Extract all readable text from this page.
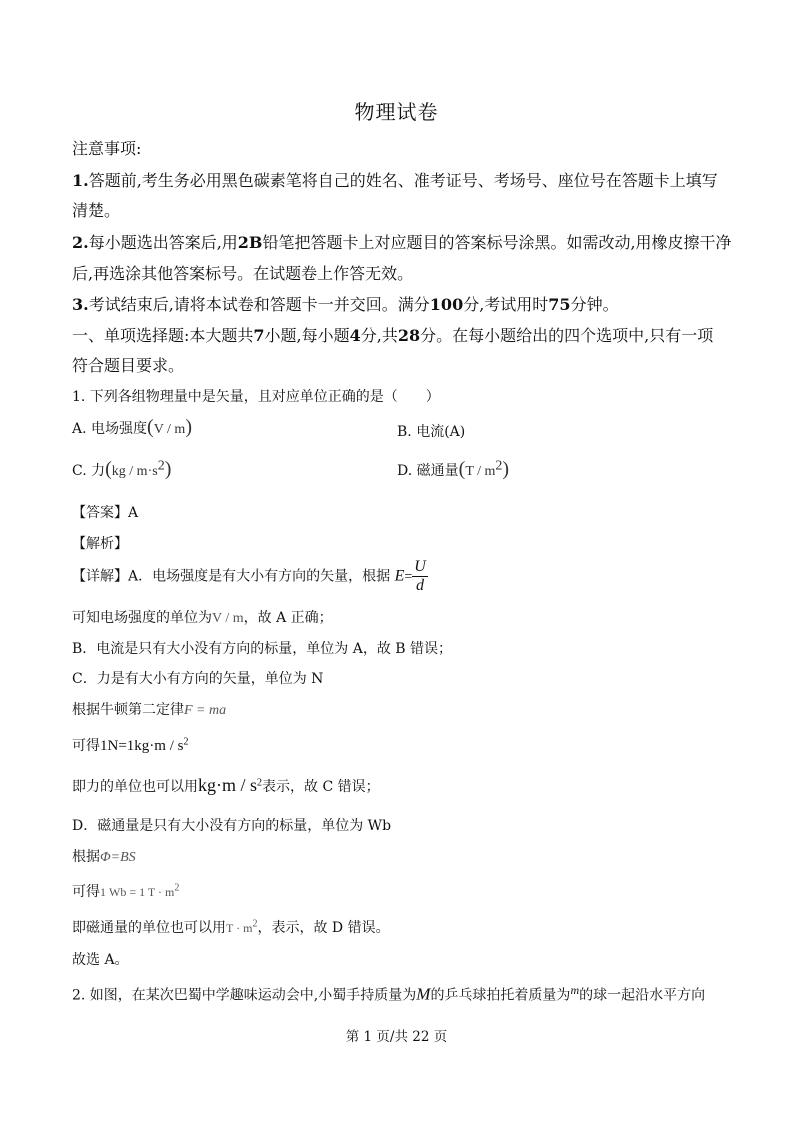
物理试卷
注意事项:
1.答题前,考生务必用黑色碳素笔将自己的姓名、准考证号、考场号、座位号在答题卡上填写
清楚。
2.每小题选出答案后,用2B铅笔把答题卡上对应题目的答案标号涂黑。如需改动,用橡皮擦干净
后,再选涂其他答案标号。在试题卷上作答无效。
3.考试结束后,请将本试卷和答题卡一并交回。满分100分,考试用时75分钟。
一、单项选择题:本大题共7小题,每小题4分,共28分。在每小题给出的四个选项中,只有一项
符合题目要求。
1. 下列各组物理量中是矢量，且对应单位正确的是（　　）
A. 电场强度(V / m)	B. 电流(A)
C. 力$(kg / m\cdot s^2)$	D. 磁通量$(T / m^2)$
【答案】A
【解析】
【详解】A．电场强度是有大小有方向的矢量，根据 $E= \frac{U}{d}$
可知电场强度的单位为V / m，故 A 正确；
B．电流是只有大小没有方向的标量，单位为 A，故 B 错误；
C．力是有大小有方向的矢量，单位为 N
根据牛顿第二定律F = ma
可得$1N=1kg\cdot m / s^2$
即力的单位也可以用$kg\cdot m / s^2$表示，故 C 错误；
D．磁通量是只有大小没有方向的标量，单位为 Wb
根据Φ=BS
可得1 Wb = 1 $T \cdot m^2$
即磁通量的单位也可以用$T \cdot m^2$，表示，故 D 错误。
故选 A。
2. 如图，在某次巴蜀中学趣味运动会中,小蜀手持质量为M的乒乓球拍托着质量为$^m$的球一起沿水平方向
第 1 页/共 22 页
